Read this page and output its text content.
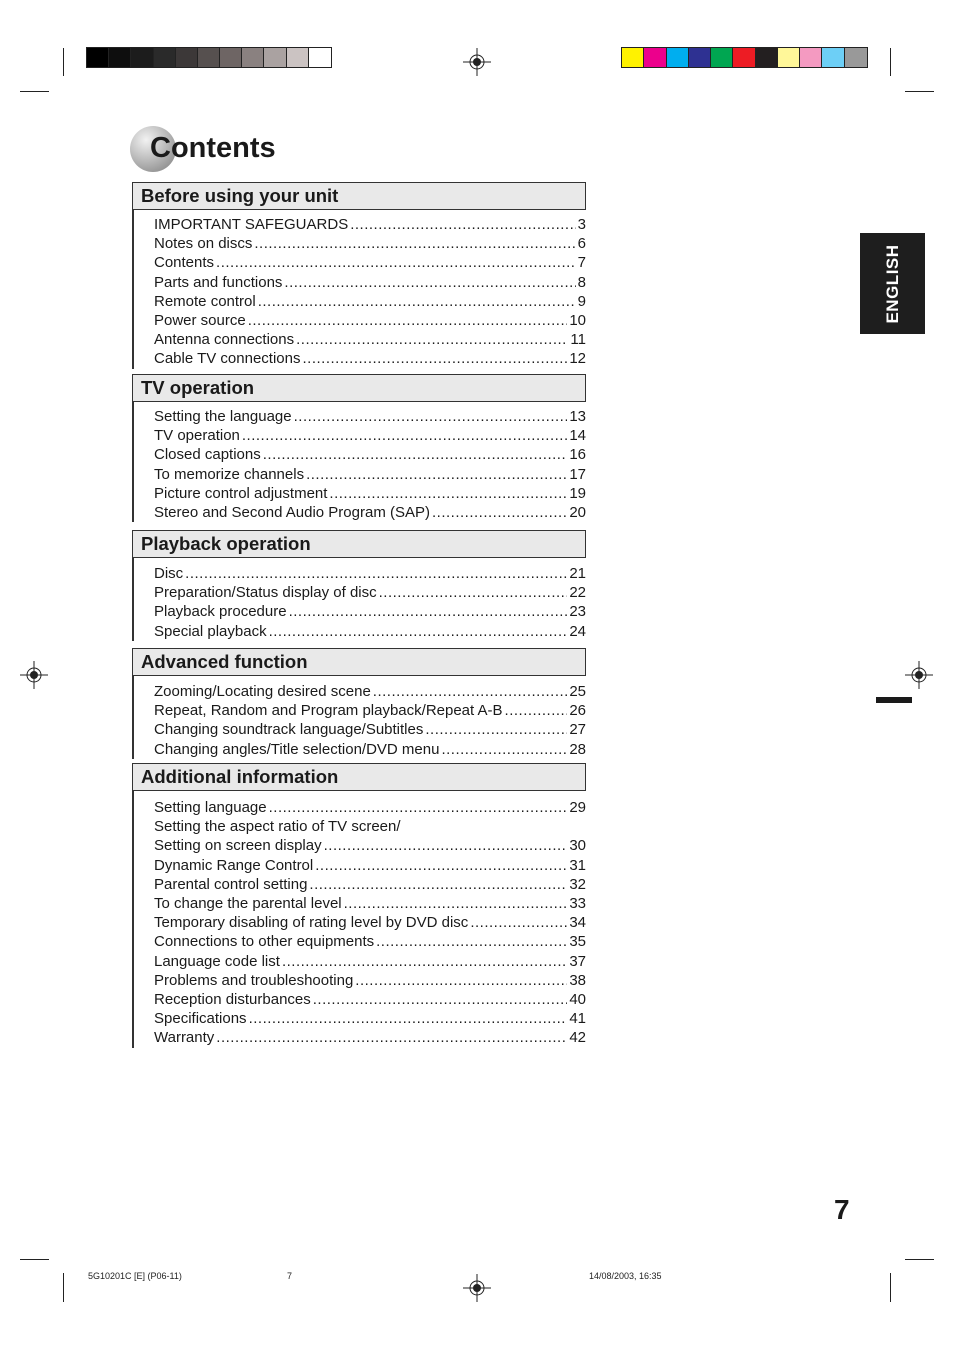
Contents
Before using your unit
IMPORTANT SAFEGUARDS .....	3
Notes on discs .....	6
Contents .....	7
Parts and functions .....	8
Remote control .....	9
Power source .....	10
Antenna connections .....	11
Cable TV connections .....	12
TV operation
Setting the language .....	13
TV operation .....	14
Closed captions .....	16
To memorize channels .....	17
Picture control adjustment .....	19
Stereo and Second Audio Program (SAP) .....	20
Playback operation
Disc .....	21
Preparation/Status display of disc .....	22
Playback procedure .....	23
Special playback .....	24
Advanced function
Zooming/Locating desired scene .....	25
Repeat, Random and Program playback/Repeat A-B .....	26
Changing soundtrack language/Subtitles .....	27
Changing angles/Title selection/DVD menu .....	28
Additional information
Setting language .....	29
Setting the aspect ratio of TV screen/
Setting on screen display .....	30
Dynamic Range Control .....	31
Parental control setting .....	32
To change the parental level .....	33
Temporary disabling of rating level by DVD disc .....	34
Connections to other equipments .....	35
Language code list .....	37
Problems and troubleshooting .....	38
Reception disturbances .....	40
Specifications .....	41
Warranty .....	42
ENGLISH
7
5G10201C [E] (P06-11)	7	14/08/2003, 16:35
